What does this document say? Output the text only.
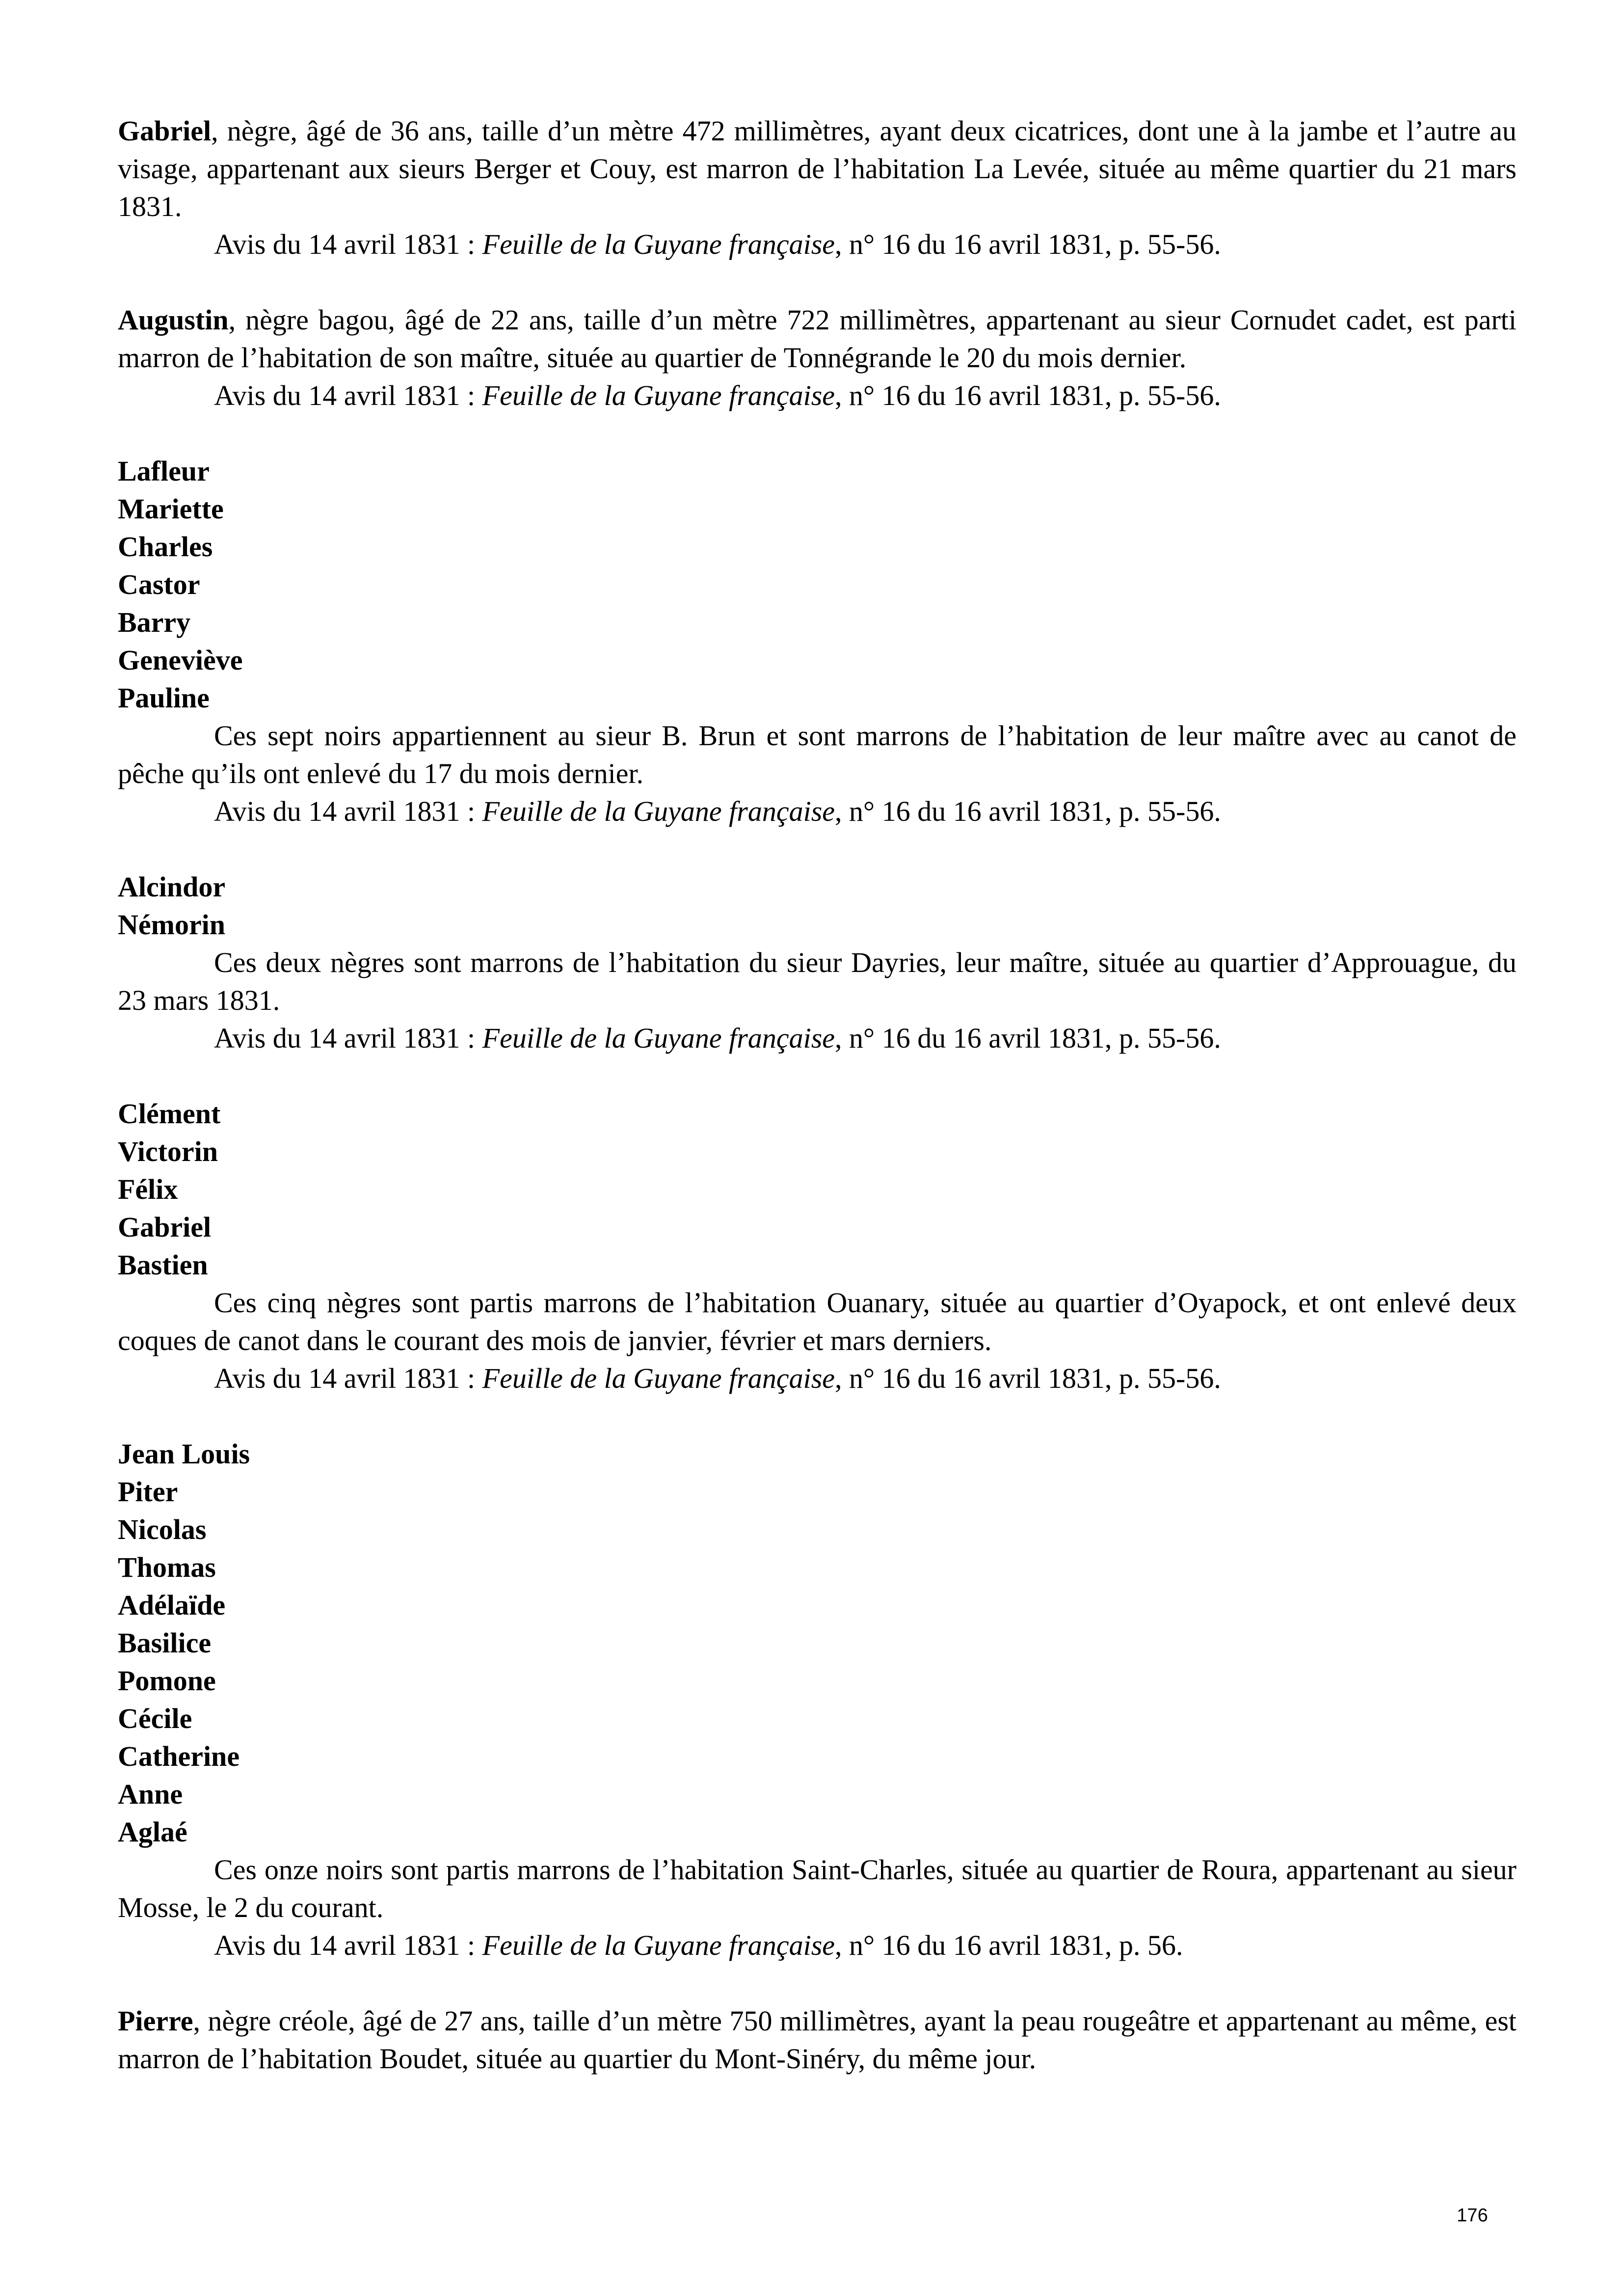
Gabriel, nègre, âgé de 36 ans, taille d’un mètre 472 millimètres, ayant deux cicatrices, dont une à la jambe et l’autre au visage, appartenant aux sieurs Berger et Couy, est marron de l’habitation La Levée, située au même quartier du 21 mars 1831.

Avis du 14 avril 1831 : Feuille de la Guyane française, n° 16 du 16 avril 1831, p. 55-56.

Augustin, nègre bagou, âgé de 22 ans, taille d’un mètre 722 millimètres, appartenant au sieur Cornudet cadet, est parti marron de l’habitation de son maître, située au quartier de Tonnégrande le 20 du mois dernier.

Avis du 14 avril 1831 : Feuille de la Guyane française, n° 16 du 16 avril 1831, p. 55-56.

Lafleur

Mariette

Charles

Castor

Barry

Geneviève

Pauline

Ces sept noirs appartiennent au sieur B. Brun et sont marrons de l’habitation de leur maître avec au canot de pêche qu’ils ont enlevé du 17 du mois dernier.

Avis du 14 avril 1831 : Feuille de la Guyane française, n° 16 du 16 avril 1831, p. 55-56.

Alcindor

Némorin

Ces deux nègres sont marrons de l’habitation du sieur Dayries, leur maître, située au quartier d’Approuague, du 23 mars 1831.

Avis du 14 avril 1831 : Feuille de la Guyane française, n° 16 du 16 avril 1831, p. 55-56.

Clément

Victorin

Félix

Gabriel

Bastien

Ces cinq nègres sont partis marrons de l’habitation Ouanary, située au quartier d’Oyapock, et ont enlevé deux coques de canot dans le courant des mois de janvier, février et mars derniers.

Avis du 14 avril 1831 : Feuille de la Guyane française, n° 16 du 16 avril 1831, p. 55-56.

Jean Louis

Piter

Nicolas

Thomas

Adélaïde

Basilice

Pomone

Cécile

Catherine

Anne

Aglaé

Ces onze noirs sont partis marrons de l’habitation Saint-Charles, située au quartier de Roura, appartenant au sieur Mosse, le 2 du courant.

Avis du 14 avril 1831 : Feuille de la Guyane française, n° 16 du 16 avril 1831, p. 56.

Pierre, nègre créole, âgé de 27 ans, taille d’un mètre 750 millimètres, ayant la peau rougeâtre et appartenant au même, est marron de l’habitation Boudet, située au quartier du Mont-Sinéry, du même jour.

176
